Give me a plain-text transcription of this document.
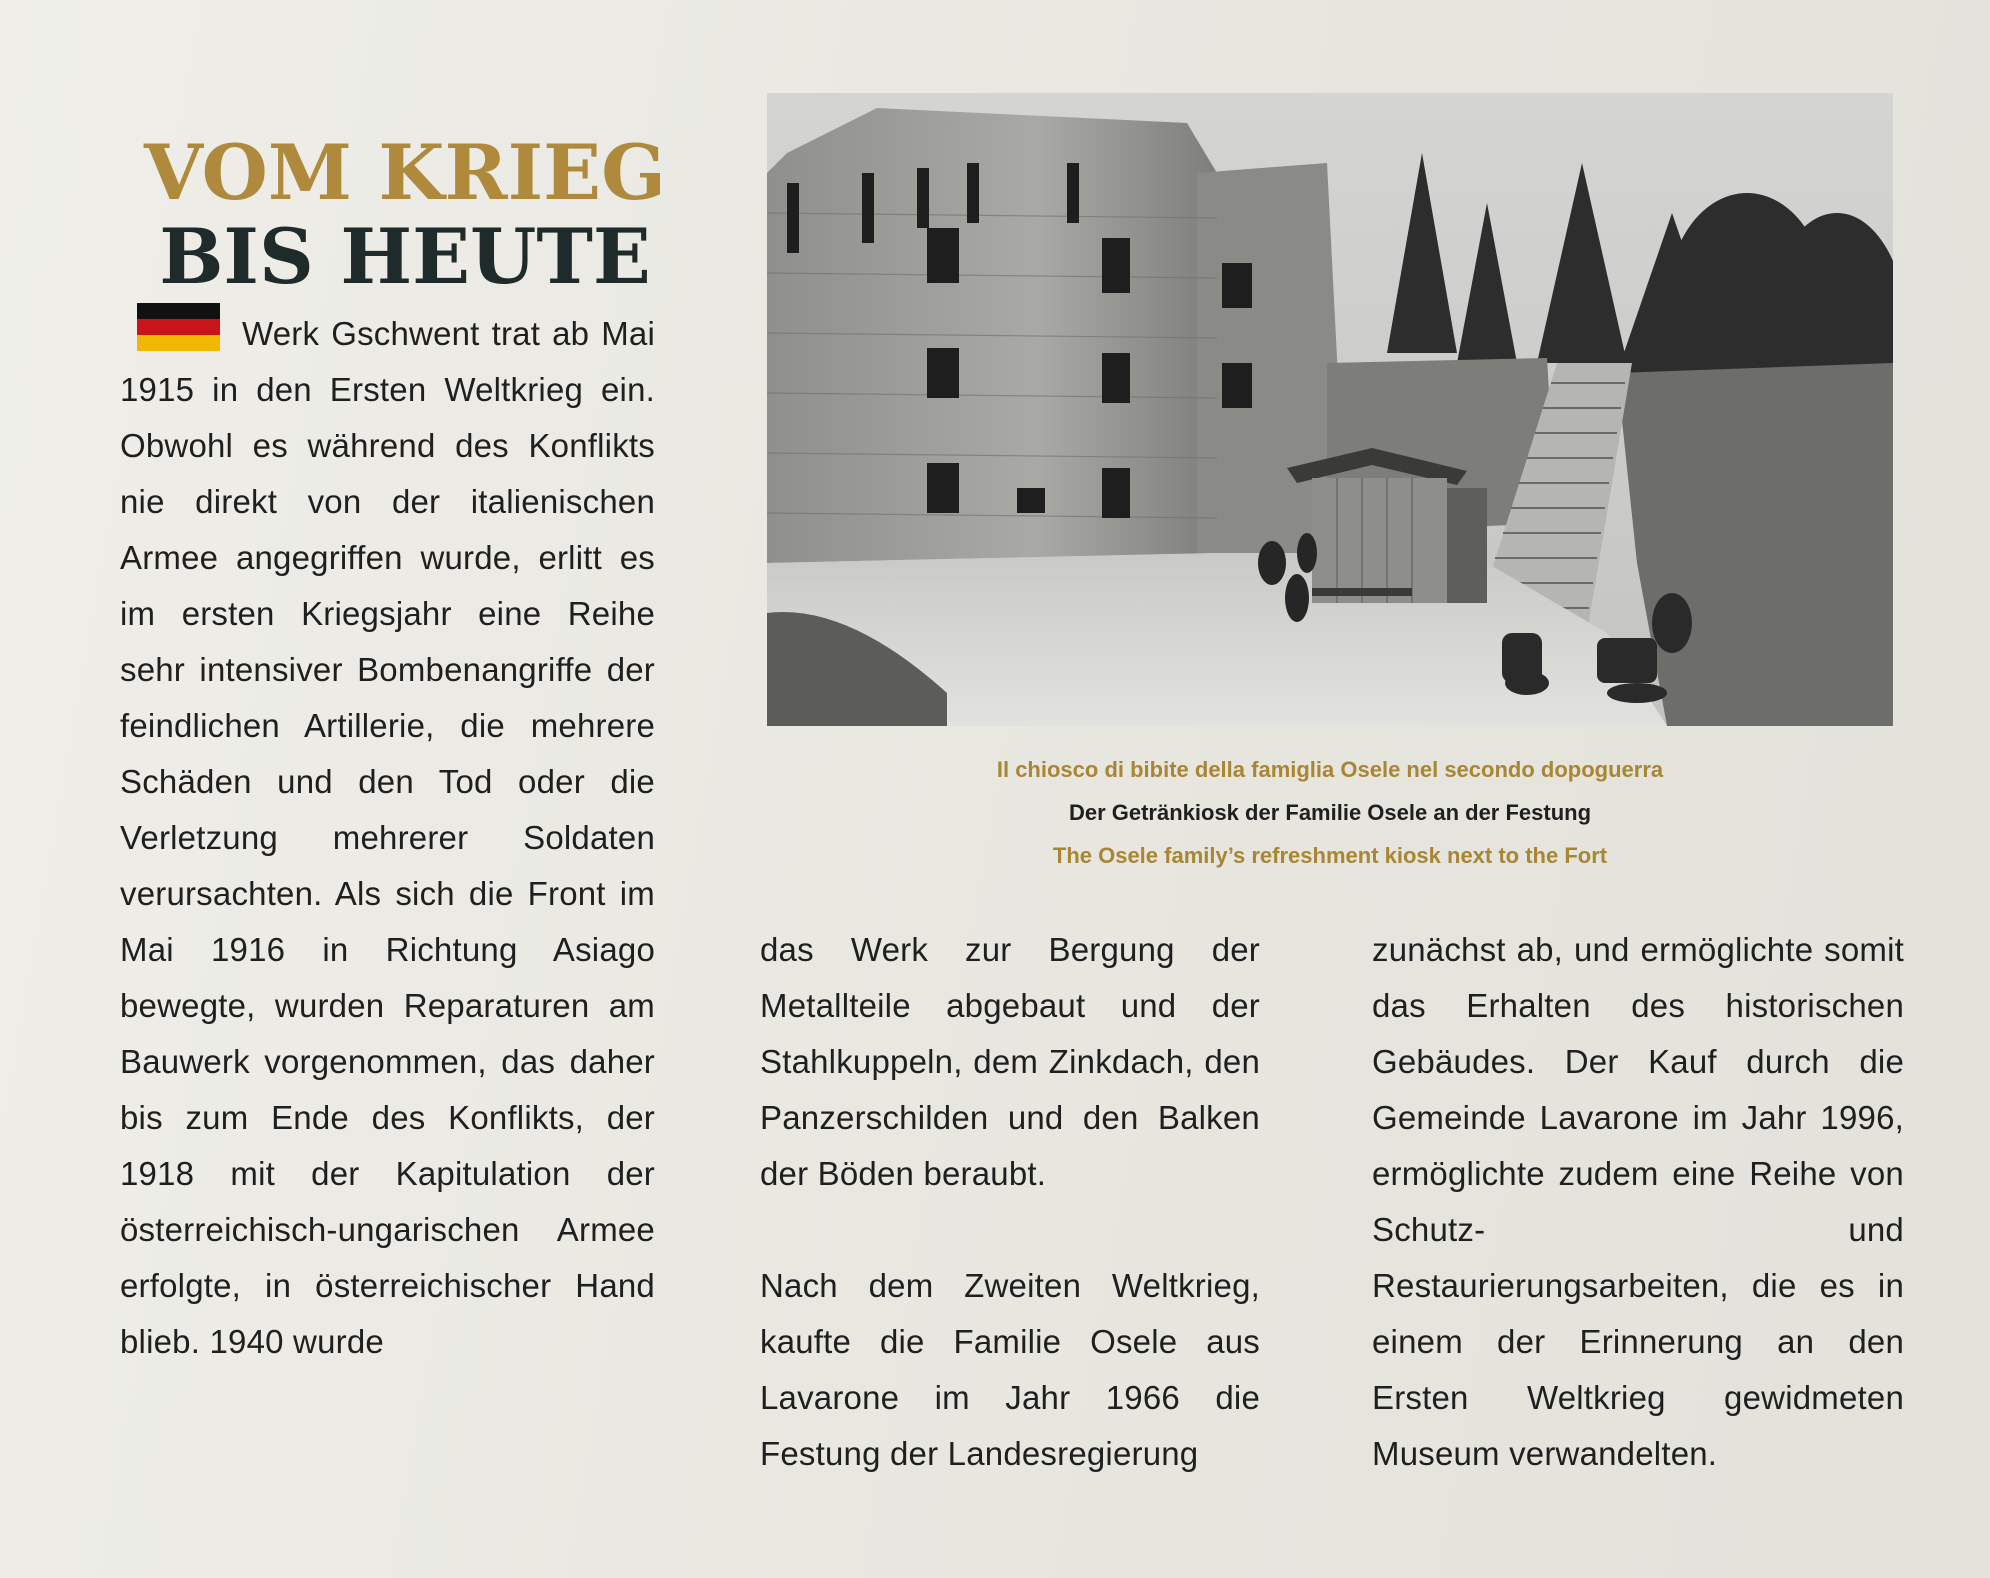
VOM KRIEG
BIS HEUTE

Werk Gschwent trat ab Mai 1915 in den Ersten Weltkrieg ein. Obwohl es während des Konflikts nie direkt von der italienischen Armee angegriffen wurde, erlitt es im ersten Kriegsjahr eine Reihe sehr intensiver Bombenangriffe der feindlichen Artillerie, die mehrere Schäden und den Tod oder die Verletzung mehrerer Soldaten verursachten. Als sich die Front im Mai 1916 in Richtung Asiago bewegte, wurden Reparaturen am Bauwerk vorgenommen, das daher bis zum Ende des Konflikts, der 1918 mit der Kapitulation der österreichisch-ungarischen Armee erfolgte, in österreichischer Hand blieb. 1940 wurde

Il chiosco di bibite della famiglia Osele nel secondo dopoguerra
Der Getränkiosk der Familie Osele an der Festung
The Osele family’s refreshment kiosk next to the Fort

das Werk zur Bergung der Metallteile abgebaut und der Stahlkuppeln, dem Zinkdach, den Panzerschilden und den Balken der Böden beraubt.

Nach dem Zweiten Weltkrieg, kaufte die Familie Osele aus Lavarone im Jahr 1966 die Festung der Landesregierung

zunächst ab, und ermöglichte somit das Erhalten des historischen Gebäudes. Der Kauf durch die Gemeinde Lavarone im Jahr 1996, ermöglichte zudem eine Reihe von Schutz- und Restaurierungsarbeiten, die es in einem der Erinnerung an den Ersten Weltkrieg gewidmeten Museum verwandelten.
